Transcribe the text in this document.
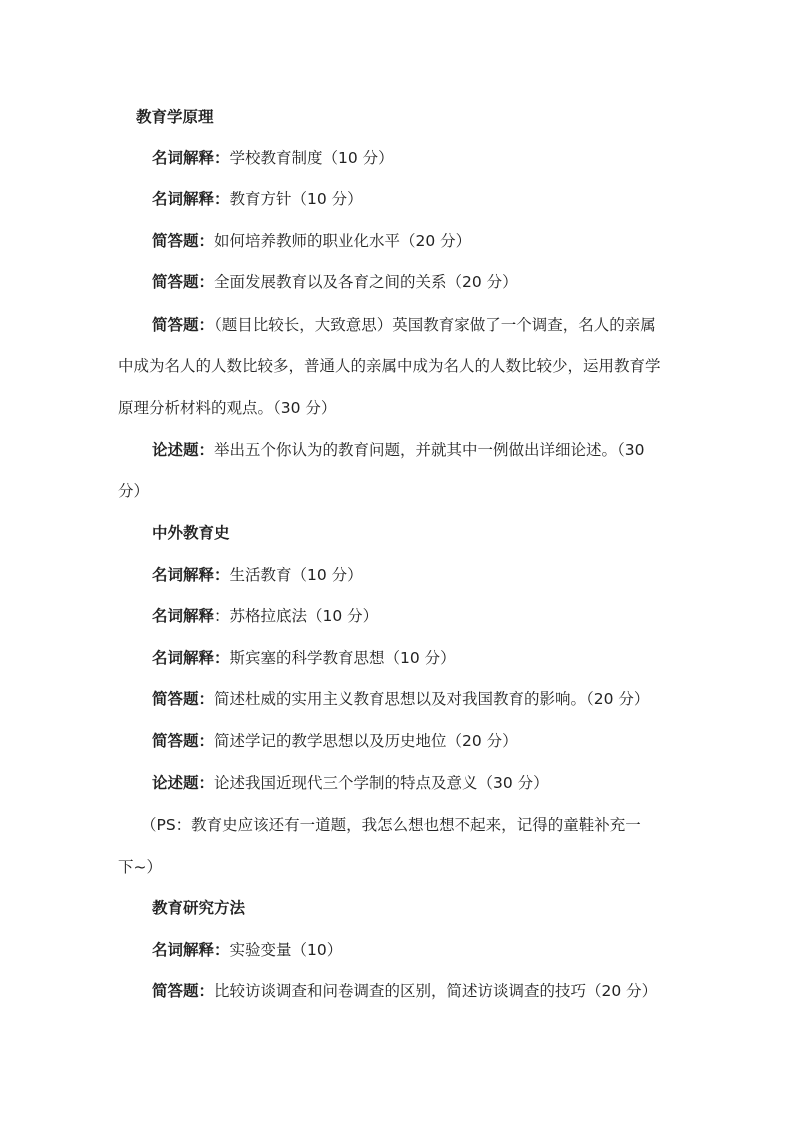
教育学原理
名词解释：学校教育制度（10 分）
名词解释：教育方针（10 分）
简答题：如何培养教师的职业化水平（20 分）
简答题：全面发展教育以及各育之间的关系（20 分）
简答题：（题目比较长，大致意思）英国教育家做了一个调查，名人的亲属
中成为名人的人数比较多，普通人的亲属中成为名人的人数比较少，运用教育学
原理分析材料的观点。（30 分）
论述题：举出五个你认为的教育问题，并就其中一例做出详细论述。（30
分）
中外教育史
名词解释：生活教育（10 分）
名词解释：苏格拉底法（10 分）
名词解释：斯宾塞的科学教育思想（10 分）
简答题：简述杜威的实用主义教育思想以及对我国教育的影响。（20 分）
简答题：简述学记的教学思想以及历史地位（20 分）
论述题：论述我国近现代三个学制的特点及意义（30 分）
（PS：教育史应该还有一道题，我怎么想也想不起来，记得的童鞋补充一
下~）
教育研究方法
名词解释：实验变量（10）
简答题：比较访谈调查和问卷调查的区别，简述访谈调查的技巧（20 分）
